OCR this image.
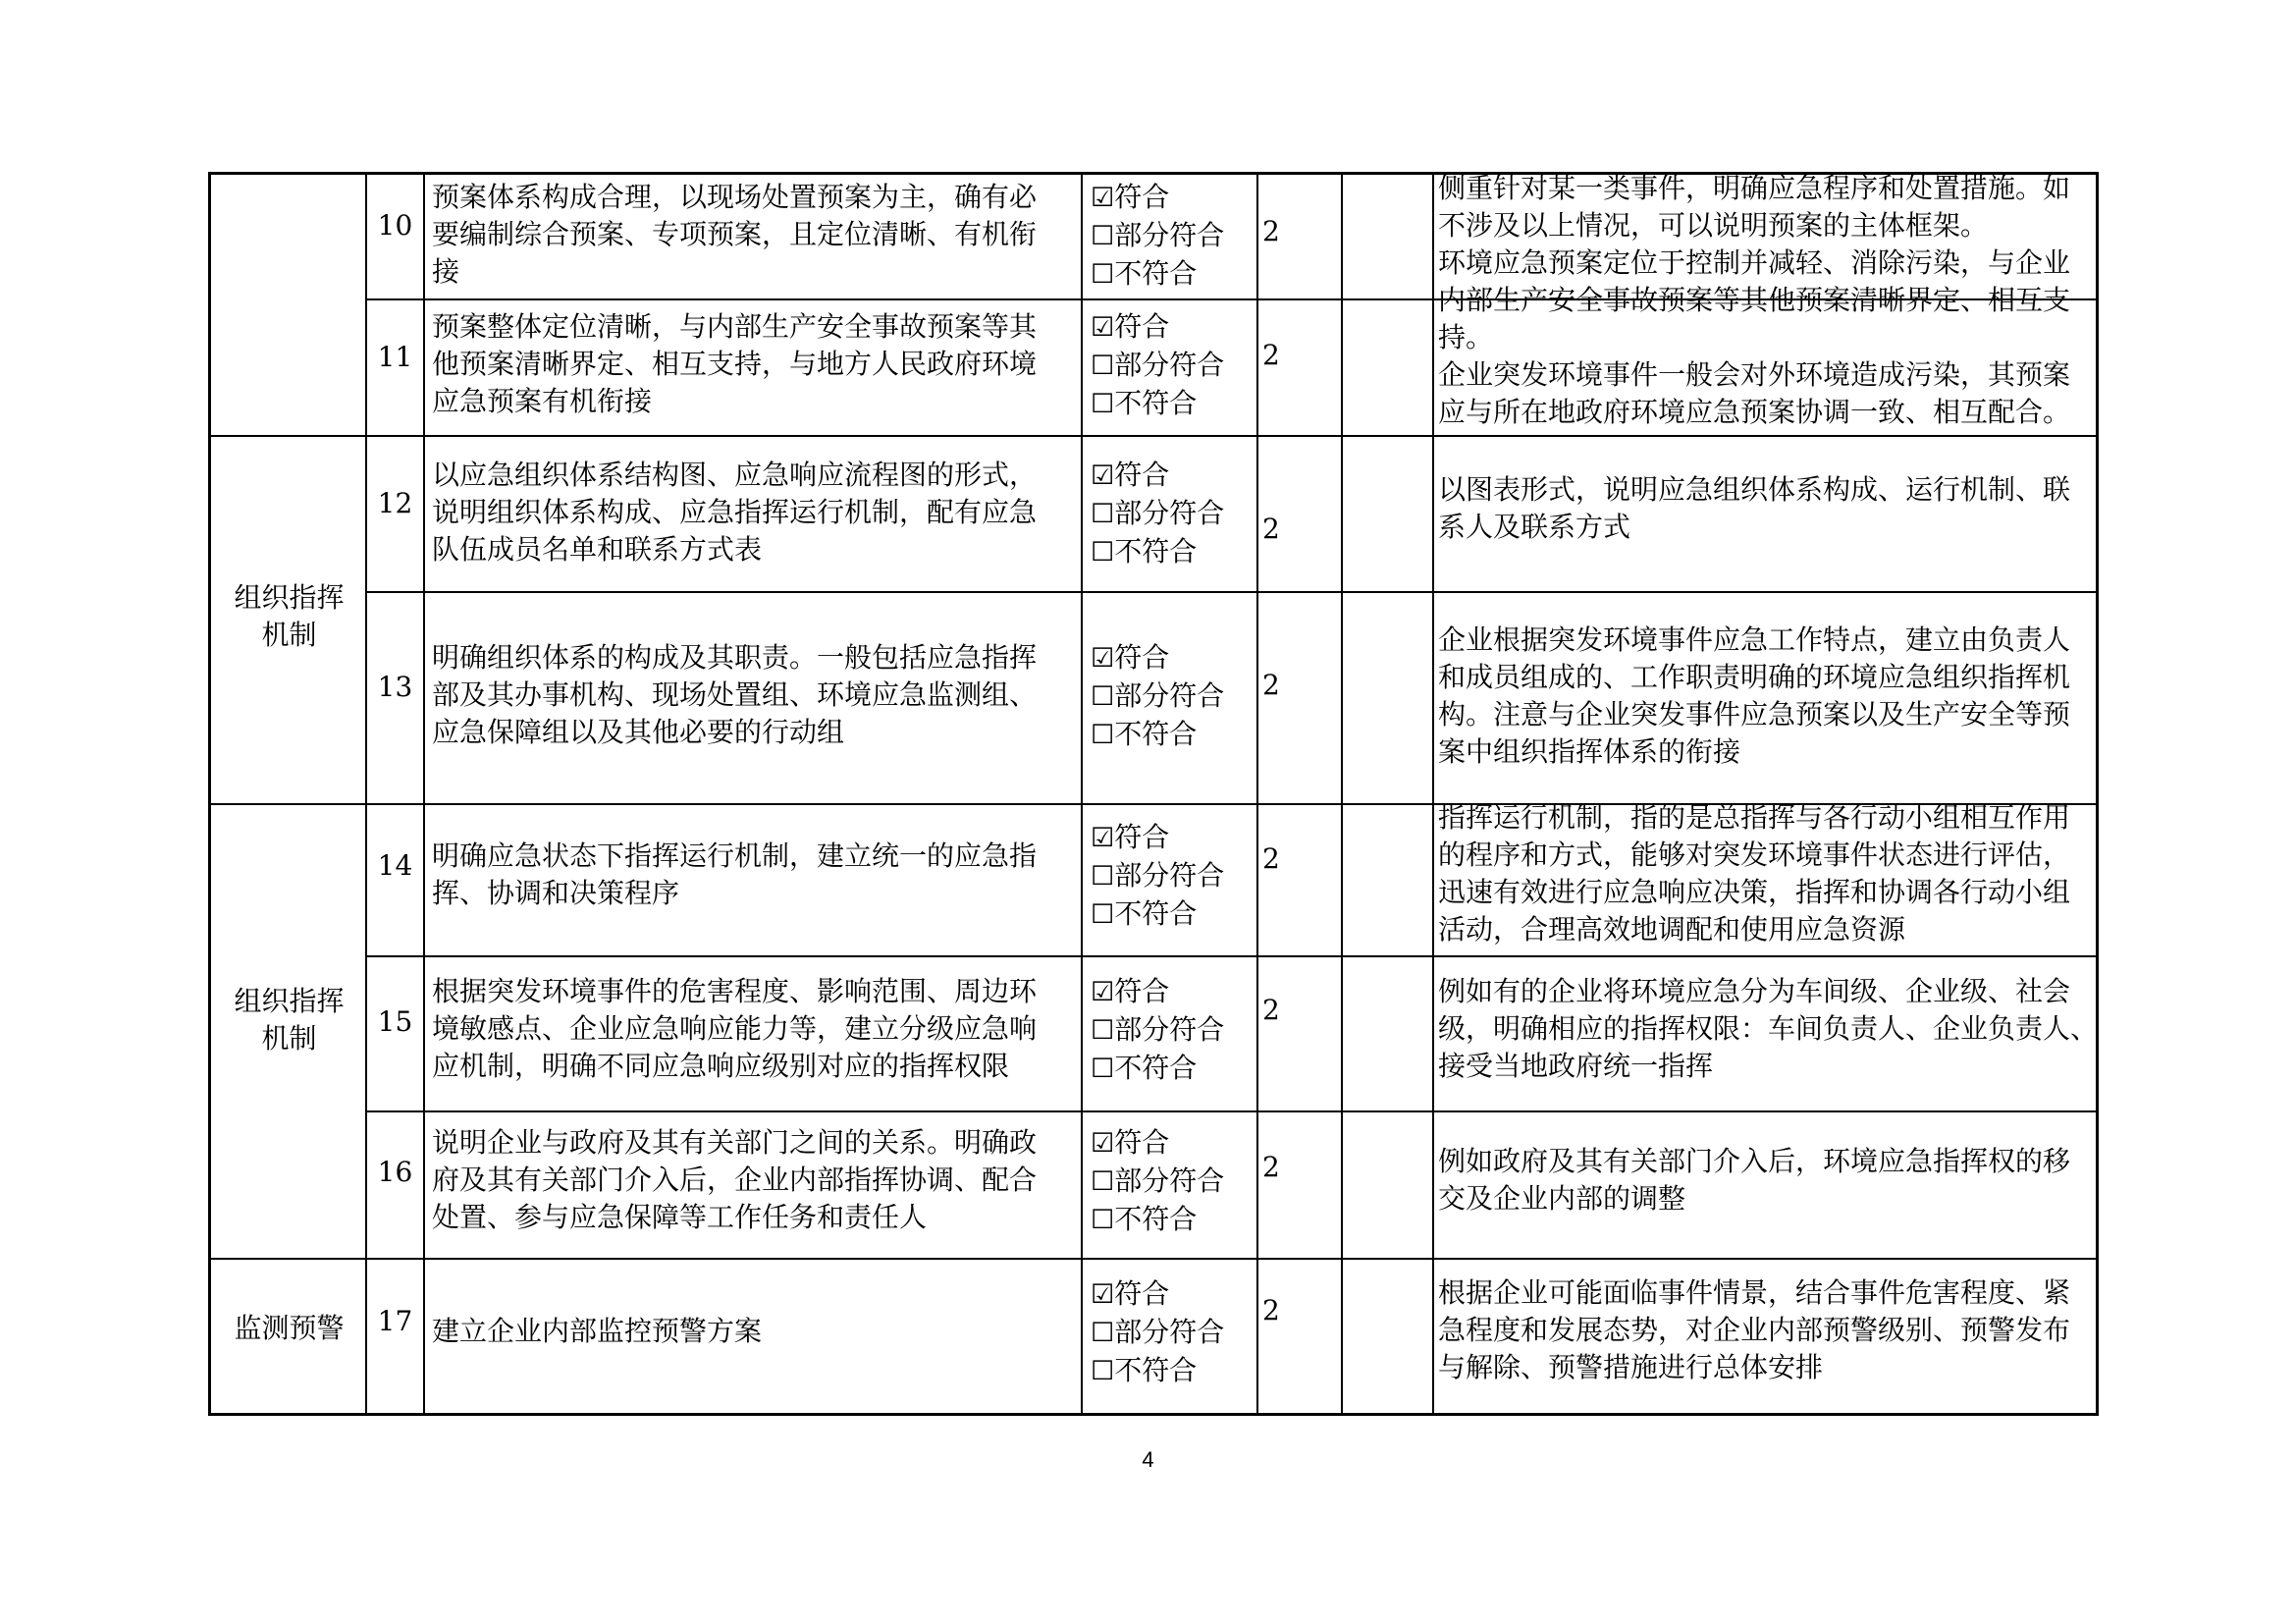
组织指挥
机制
组织指挥
机制
监测预警
10
预案体系构成合理，以现场处置预案为主，确有必
要编制综合预案、专项预案，且定位清晰、有机衔
接
☑符合
☐部分符合
☐不符合
2
11
预案整体定位清晰，与内部生产安全事故预案等其
他预案清晰界定、相互支持，与地方人民政府环境
应急预案有机衔接
☑符合
☐部分符合
☐不符合
2
侧重针对某一类事件，明确应急程序和处置措施。如
不涉及以上情况，可以说明预案的主体框架。
环境应急预案定位于控制并减轻、消除污染，与企业
内部生产安全事故预案等其他预案清晰界定、相互支
持。
企业突发环境事件一般会对外环境造成污染，其预案
应与所在地政府环境应急预案协调一致、相互配合。
12
以应急组织体系结构图、应急响应流程图的形式，
说明组织体系构成、应急指挥运行机制，配有应急
队伍成员名单和联系方式表
☑符合
☐部分符合
☐不符合
2
以图表形式，说明应急组织体系构成、运行机制、联
系人及联系方式
13
明确组织体系的构成及其职责。一般包括应急指挥
部及其办事机构、现场处置组、环境应急监测组、
应急保障组以及其他必要的行动组
☑符合
☐部分符合
☐不符合
2
企业根据突发环境事件应急工作特点，建立由负责人
和成员组成的、工作职责明确的环境应急组织指挥机
构。注意与企业突发事件应急预案以及生产安全等预
案中组织指挥体系的衔接
14 明确应急状态下指挥运行机制，建立统一的应急指
挥、协调和决策程序
☑符合
☐部分符合
☐不符合
2
指挥运行机制，指的是总指挥与各行动小组相互作用
的程序和方式，能够对突发环境事件状态进行评估，
迅速有效进行应急响应决策，指挥和协调各行动小组
活动，合理高效地调配和使用应急资源
15
根据突发环境事件的危害程度、影响范围、周边环
境敏感点、企业应急响应能力等，建立分级应急响
应机制，明确不同应急响应级别对应的指挥权限
☑符合
☐部分符合
☐不符合
2
例如有的企业将环境应急分为车间级、企业级、社会
级，明确相应的指挥权限：车间负责人、企业负责人、
接受当地政府统一指挥
16
说明企业与政府及其有关部门之间的关系。明确政
府及其有关部门介入后，企业内部指挥协调、配合
处置、参与应急保障等工作任务和责任人
☑符合
☐部分符合
☐不符合
2	例如政府及其有关部门介入后，环境应急指挥权的移
交及企业内部的调整
17 建立企业内部监控预警方案
☑符合
☐部分符合
☐不符合
2
根据企业可能面临事件情景，结合事件危害程度、紧
急程度和发展态势，对企业内部预警级别、预警发布
与解除、预警措施进行总体安排
4
